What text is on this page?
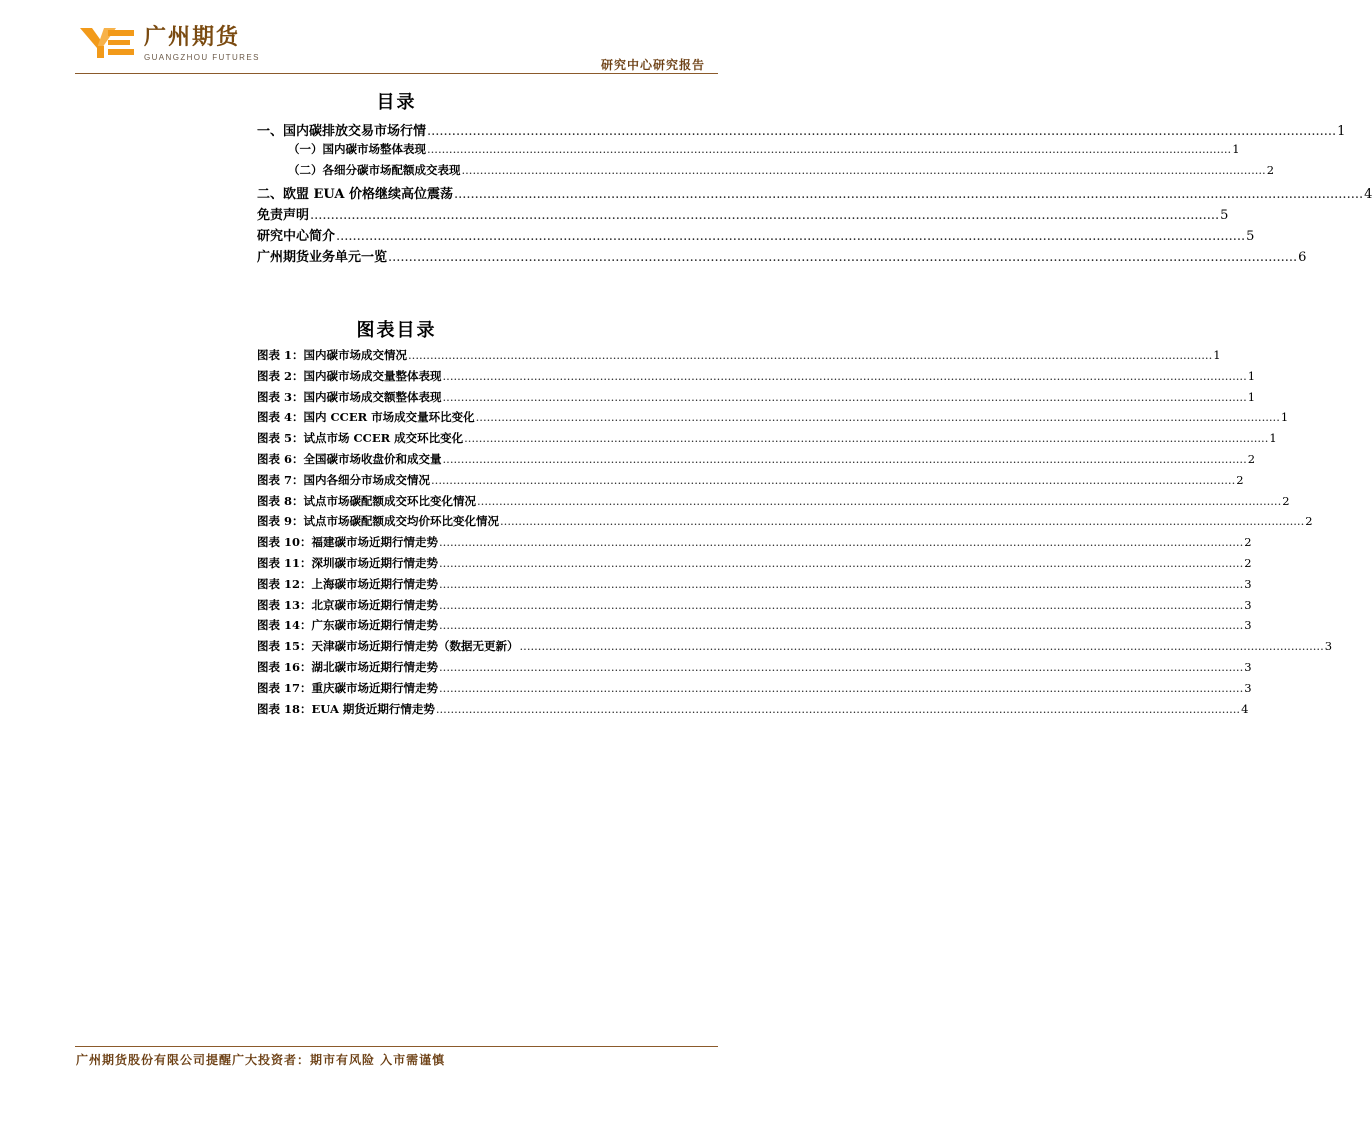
广州期货
GUANGZHOU FUTURES
研究中心研究报告
目录
一、国内碳排放交易市场行情 ............................................................................................................................................................................................................................ 1
（一）国内碳市场整体表现 ............................................................................................................................................................................................................................ 1
（二）各细分碳市场配额成交表现 ............................................................................................................................................................................................................................ 2
二、欧盟 EUA 价格继续高位震荡 ............................................................................................................................................................................................................................ 4
免责声明 ............................................................................................................................................................................................................................ 5
研究中心简介 ............................................................................................................................................................................................................................ 5
广州期货业务单元一览 ............................................................................................................................................................................................................................ 6
图表目录
图表 1：国内碳市场成交情况 ............................................................................................................................................................................................................................ 1
图表 2：国内碳市场成交量整体表现 ............................................................................................................................................................................................................................ 1
图表 3：国内碳市场成交额整体表现 ............................................................................................................................................................................................................................ 1
图表 4：国内 CCER 市场成交量环比变化 ............................................................................................................................................................................................................................ 1
图表 5：试点市场 CCER 成交环比变化 ............................................................................................................................................................................................................................ 1
图表 6：全国碳市场收盘价和成交量 ............................................................................................................................................................................................................................ 2
图表 7：国内各细分市场成交情况 ............................................................................................................................................................................................................................ 2
图表 8：试点市场碳配额成交环比变化情况 ............................................................................................................................................................................................................................ 2
图表 9：试点市场碳配额成交均价环比变化情况 ............................................................................................................................................................................................................................ 2
图表 10：福建碳市场近期行情走势 ............................................................................................................................................................................................................................ 2
图表 11：深圳碳市场近期行情走势 ............................................................................................................................................................................................................................ 2
图表 12：上海碳市场近期行情走势 ............................................................................................................................................................................................................................ 3
图表 13：北京碳市场近期行情走势 ............................................................................................................................................................................................................................ 3
图表 14：广东碳市场近期行情走势 ............................................................................................................................................................................................................................ 3
图表 15：天津碳市场近期行情走势（数据无更新） ............................................................................................................................................................................................................................ 3
图表 16：湖北碳市场近期行情走势 ............................................................................................................................................................................................................................ 3
图表 17：重庆碳市场近期行情走势 ............................................................................................................................................................................................................................ 3
图表 18：EUA 期货近期行情走势 ............................................................................................................................................................................................................................ 4
广州期货股份有限公司提醒广大投资者：期市有风险 入市需谨慎
